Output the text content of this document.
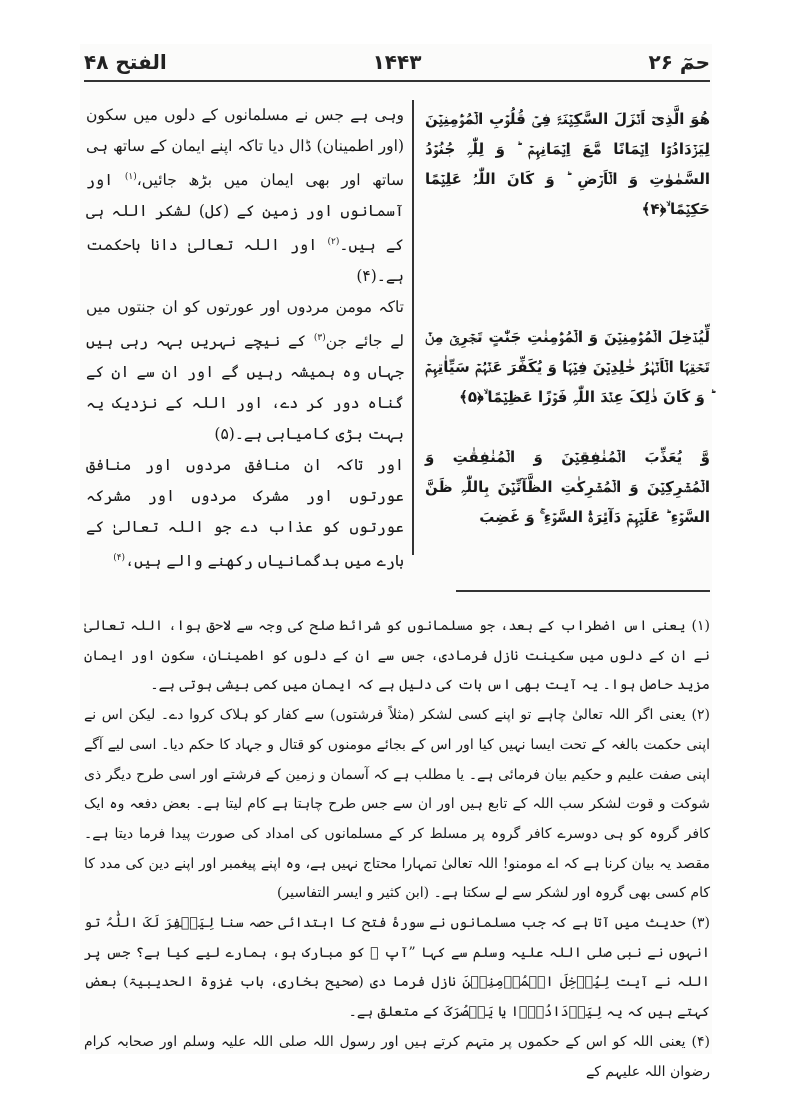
حمٓ ۲۶
۱۴۴۳
الفتح ۴۸

هُوَ الَّذِیٓ اَنۡزَلَ السَّکِیۡنَۃَ فِیۡ قُلُوۡبِ الۡمُؤۡمِنِیۡنَ لِیَزۡدَادُوۡۤا اِیۡمَانًا مَّعَ اِیۡمَانِہِمۡ ؕ وَ لِلّٰہِ جُنُوۡدُ السَّمٰوٰتِ وَ الۡاَرۡضِ ؕ وَ کَانَ اللّٰہُ عَلِیۡمًا حَکِیۡمًا ۙ﴿۴﴾

لِّیُدۡخِلَ الۡمُؤۡمِنِیۡنَ وَ الۡمُؤۡمِنٰتِ جَنّٰتٍ تَجۡرِیۡ مِنۡ تَحۡتِہَا الۡاَنۡہٰرُ خٰلِدِیۡنَ فِیۡہَا وَ یُکَفِّرَ عَنۡہُمۡ سَیِّاٰتِہِمۡ ؕ وَ کَانَ ذٰلِکَ عِنۡدَ اللّٰہِ فَوۡزًا عَظِیۡمًا ۙ﴿۵﴾

وَّ یُعَذِّبَ الۡمُنٰفِقِیۡنَ وَ الۡمُنٰفِقٰتِ وَ الۡمُشۡرِکِیۡنَ وَ الۡمُشۡرِکٰتِ الظَّآنِّیۡنَ بِاللّٰہِ ظَنَّ السَّوۡءِ ؕ عَلَیۡہِمۡ دَآئِرَۃُ السَّوۡءِ ۚ وَ غَضِبَ

وہی ہے جس نے مسلمانوں کے دلوں میں سکون (اور اطمینان) ڈال دیا تاکہ اپنے ایمان کے ساتھ ہی ساتھ اور بھی ایمان میں بڑھ جائیں،$^{(۱)}$ اور آسمانوں اور زمین کے (کل) لشکر اللہ ہی کے ہیں۔$^{(۲)}$ اور اللہ تعالیٰ دانا باحکمت ہے۔(۴)

تاکہ مومن مردوں اور عورتوں کو ان جنتوں میں لے جائے جن$^{(۳)}$ کے نیچے نہریں بہہ رہی ہیں جہاں وہ ہمیشہ رہیں گے اور ان سے ان کے گناہ دور کر دے، اور اللہ کے نزدیک یہ بہت بڑی کامیابی ہے۔(۵)

اور تاکہ ان منافق مردوں اور منافق عورتوں اور مشرک مردوں اور مشرکہ عورتوں کو عذاب دے جو اللہ تعالیٰ کے بارے میں بدگمانیاں رکھنے والے ہیں،$^{(۴)}$

(۱)یعنی اس اضطراب کے بعد، جو مسلمانوں کو شرائط صلح کی وجہ سے لاحق ہوا، اللہ تعالیٰ نے ان کے دلوں میں سکینت نازل فرمادی، جس سے ان کے دلوں کو اطمینان، سکون اور ایمان مزید حاصل ہوا۔ یہ آیت بھی اس بات کی دلیل ہے کہ ایمان میں کمی بیشی ہوتی ہے۔

(۲)یعنی اگر اللہ تعالیٰ چاہے تو اپنے کسی لشکر (مثلاً فرشتوں) سے کفار کو ہلاک کروا دے۔ لیکن اس نے اپنی حکمت بالغہ کے تحت ایسا نہیں کیا اور اس کے بجائے مومنوں کو قتال و جہاد کا حکم دیا۔ اسی لیے آگے اپنی صفت علیم و حکیم بیان فرمائی ہے۔ یا مطلب ہے کہ آسمان و زمین کے فرشتے اور اسی طرح دیگر ذی شوکت و قوت لشکر سب اللہ کے تابع ہیں اور ان سے جس طرح چاہتا ہے کام لیتا ہے۔ بعض دفعہ وہ ایک کافر گروہ کو ہی دوسرے کافر گروہ پر مسلط کر کے مسلمانوں کی امداد کی صورت پیدا فرما دیتا ہے۔ مقصد یہ بیان کرنا ہے کہ اے مومنو! اللہ تعالیٰ تمہارا محتاج نہیں ہے، وہ اپنے پیغمبر اور اپنے دین کی مدد کا کام کسی بھی گروہ اور لشکر سے لے سکتا ہے۔ (ابن کثیر و ایسر التفاسیر)

(۳)حدیث میں آتا ہے کہ جب مسلمانوں نے سورۂ فتح کا ابتدائی حصہ سنا لِیَغۡفِرَ لَکَ اللّٰہُ تو انہوں نے نبی صلی اللہ علیہ وسلم سے کہا ”آپ ﷺ کو مبارک ہو، ہمارے لیے کیا ہے؟ جس پر اللہ نے آیت لِیُدۡخِلَ الۡمُؤۡمِنِیۡنَ نازل فرما دی (صحیح بخاری، باب غزوۃ الحدیبیۃ) بعض کہتے ہیں کہ یہ لِیَزۡدَادُوۡۤا یا یَنۡصُرَکَ کے متعلق ہے۔

(۴)یعنی اللہ کو اس کے حکموں پر متہم کرتے ہیں اور رسول اللہ صلی اللہ علیہ وسلم اور صحابہ کرام رضوان اللہ علیہم کے
